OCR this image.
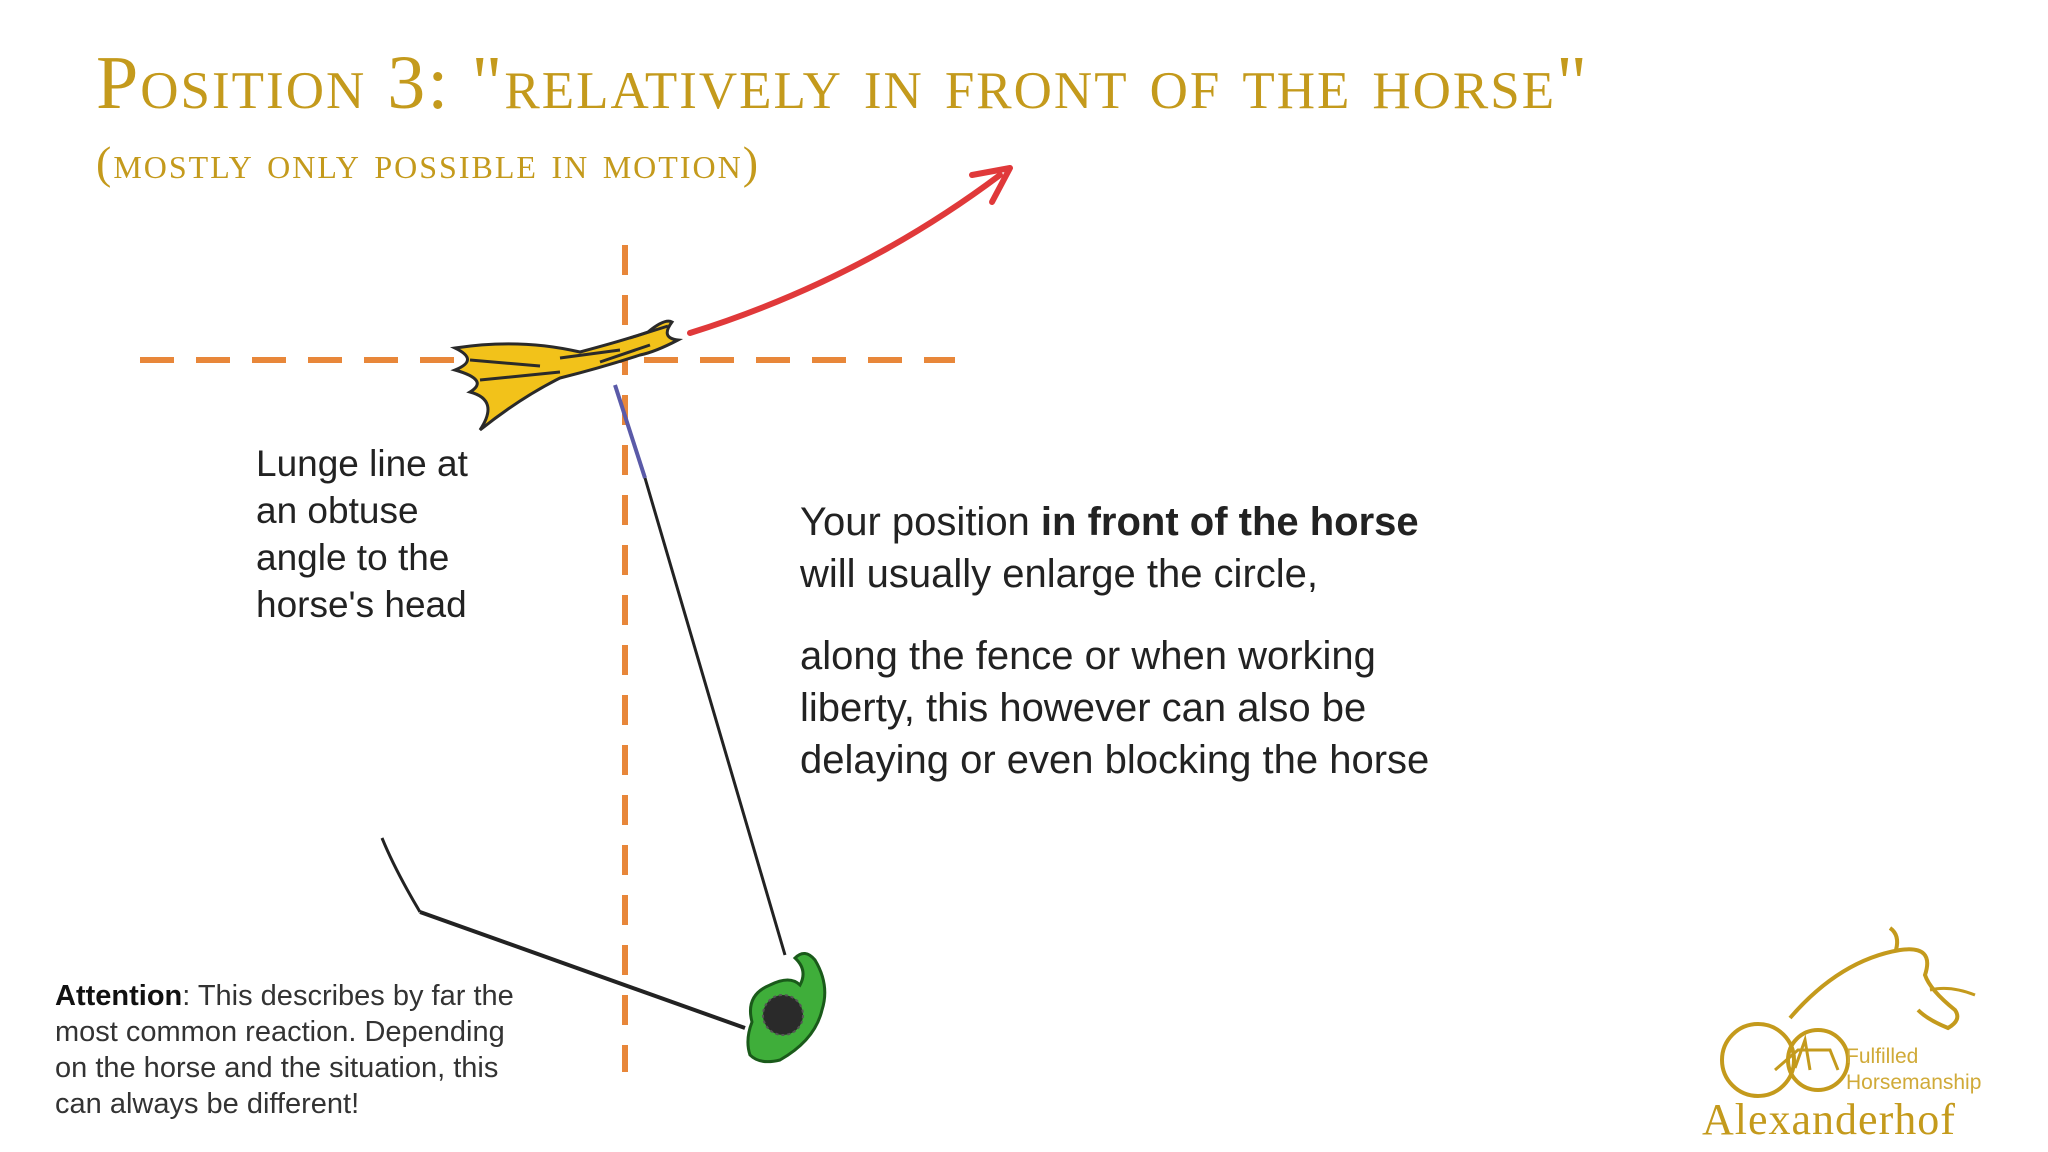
Position 3: "relatively in front of the horse"
(mostly only possible in motion)
Lunge line at
an obtuse
angle to the
horse's head

Your position in front of the horse
will usually enlarge the circle,

along the fence or when working
liberty, this however can also be
delaying or even blocking the horse

Attention: This describes by far the
most common reaction. Depending
on the horse and the situation, this
can always be different!
Fulfilled
Horsemanship
Alexanderhof
